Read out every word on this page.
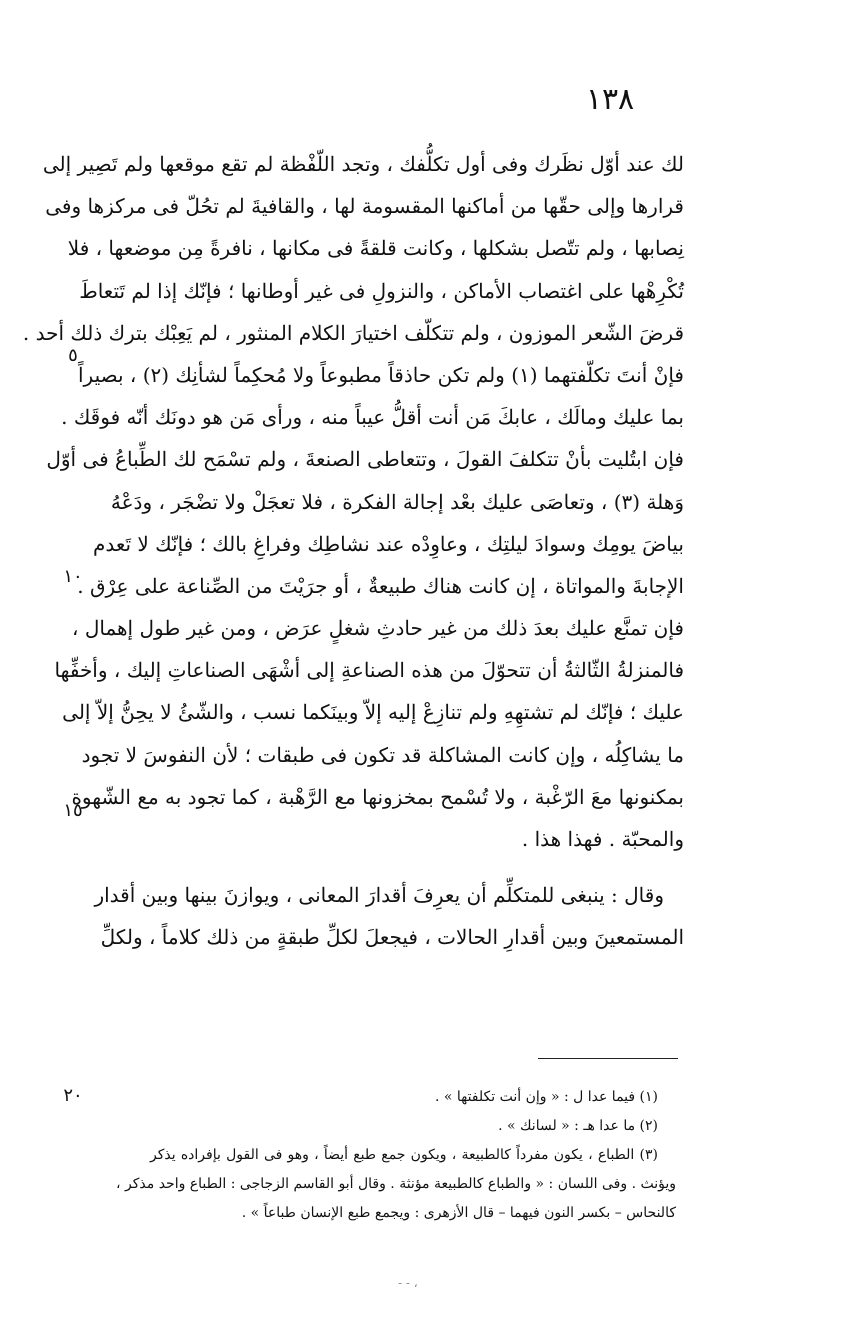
١٣٨
٥
١٠
١٥
٢٠
لك عند أوّل نظَرك وفى أول تكلُّفك ، وتجد اللّفْظة لم تقع موقعها ولم تَصِير إلى
قرارها وإلى حقّها من أماكنها المقسومة لها ، والقافيةَ لم تحُلّ فى مركزها وفى
نِصابها ، ولم تتّصل بشكلها ، وكانت قلقةً فى مكانها ، نافرةً مِن موضعها ، فلا
تُكْرِهْها على اغتصاب الأماكن ، والنزولِ فى غير أوطانها ؛ فإنّك إذا لم تَتعاطَ
قرضَ الشّعر الموزون ، ولم تتكلّف اختيارَ الكلام المنثور ، لم يَعِبْك بترك ذلك أحد .
فإنْ أنتَ تكلّفتهما (١) ولم تكن حاذقاً مطبوعاً ولا مُحكِماً لشأنِك (٢) ، بصيراً
بما عليك ومالَك ، عابكَ مَن أنت أقلُّ عيباً منه ، ورأى مَن هو دونَك أنّه فوقَك .
فإن ابتُليت بأنْ تتكلفَ القولَ ، وتتعاطى الصنعةَ ، ولم تسْمَح لك الطِّباعُ فى أوّل
وَهلة (٣) ، وتعاصَى عليك بعْد إجالة الفكرة ، فلا تعجَلْ ولا تضْجَر ، ودَعْهُ
بياضَ يومِك وسوادَ ليلتِك ، وعاوِدْه عند نشاطِك وفراغِ بالك ؛ فإنّك لا تَعدم
الإجابةَ والمواتاة ، إن كانت هناك طبيعةٌ ، أو جرَيْتَ من الصِّناعة على عِرْق .
فإن تمنَّع عليك بعدَ ذلك من غير حادثِ شغلٍ عرَض ، ومن غير طول إهمال ،
فالمنزلةُ الثّالثةُ أن تتحوّلَ من هذه الصناعةِ إلى أشْهَى الصناعاتِ إليك ، وأخفِّها
عليك ؛ فإنّك لم تشتهِهِ ولم تنازِعْ إليه إلاّ وبينَكما نسب ، والشّئُ لا يحِنُّ إلاّ إلى
ما يشاكِلُه ، وإن كانت المشاكلة قد تكون فى طبقات ؛ لأن النفوسَ لا تجود
بمكنونها معَ الرّغْبة ، ولا تُسْمح بمخزونها مع الرَّهْبة ، كما تجود به مع الشّهوة
والمحبّة . فهذا هذا .
وقال : ينبغى للمتكلِّم أن يعرِفَ أقدارَ المعانى ، ويوازنَ بينها وبين أقدار
المستمعينَ وبين أقدارِ الحالات ، فيجعلَ لكلِّ طبقةٍ من ذلك كلاماً ، ولكلِّ
(١) فيما عدا ل : « وإن أنت تكلفتها » .
(٢) ما عدا هـ : « لسانك » .
(٣) الطباع ، يكون مفرداً كالطبيعة ، ويكون جمع طبع أيضاً ، وهو فى القول بإفراده يذكر
ويؤنث . وفى اللسان : « والطباع كالطبيعة مؤنثة . وقال أبو القاسم الزجاجى : الطباع واحد مذكر ،
كالنحاس – بكسر النون فيهما – قال الأزهرى : ويجمع طبع الإنسان طباعاً » .
‐ ‑ ،
